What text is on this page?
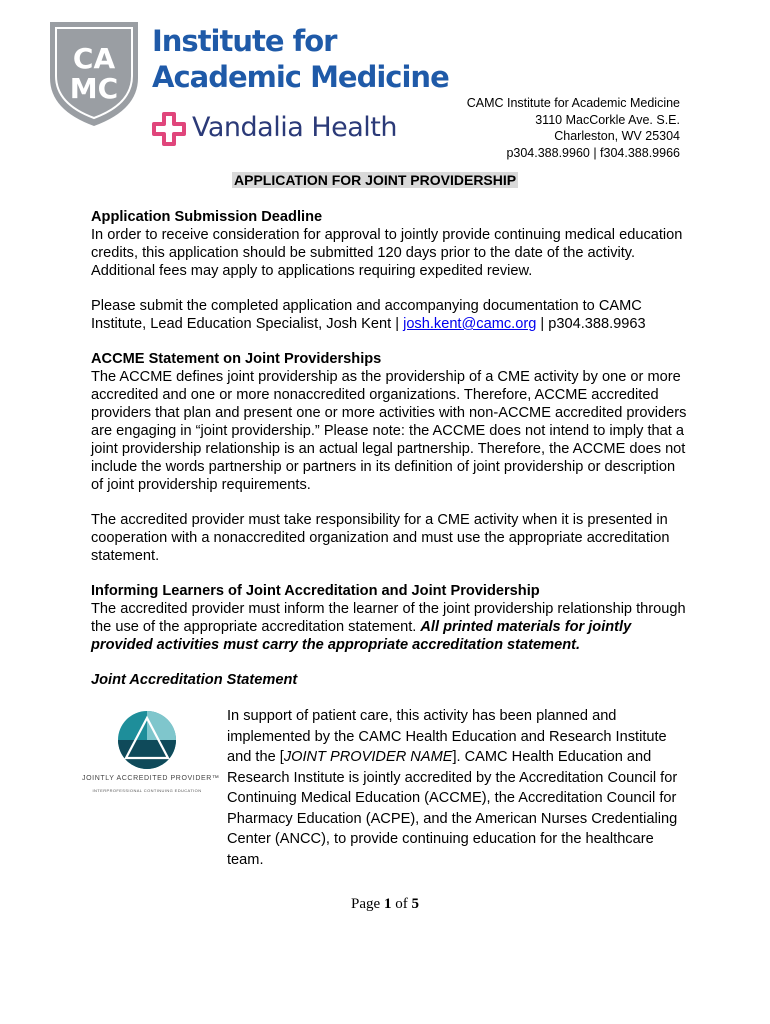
CA
MC
Institute for
Academic Medicine
Vandalia Health
CAMC Institute for Academic Medicine
3110 MacCorkle Ave. S.E.
Charleston, WV 25304
p304.388.9960 | f304.388.9966
APPLICATION FOR JOINT PROVIDERSHIP

Application Submission Deadline

In order to receive consideration for approval to jointly provide continuing medical education credits, this application should be submitted 120 days prior to the date of the activity. Additional fees may apply to applications requiring expedited review.

Please submit the completed application and accompanying documentation to CAMC Institute, Lead Education Specialist, Josh Kent | josh.kent@camc.org | p304.388.9963

ACCME Statement on Joint Providerships

The ACCME defines joint providership as the providership of a CME activity by one or more accredited and one or more nonaccredited organizations. Therefore, ACCME accredited providers that plan and present one or more activities with non-ACCME accredited providers are engaging in “joint providership.” Please note: the ACCME does not intend to imply that a joint providership relationship is an actual legal partnership. Therefore, the ACCME does not include the words partnership or partners in its definition of joint providership or description of joint providership requirements.

The accredited provider must take responsibility for a CME activity when it is presented in cooperation with a nonaccredited organization and must use the appropriate accreditation statement.

Informing Learners of Joint Accreditation and Joint Providership

The accredited provider must inform the learner of the joint providership relationship through the use of the appropriate accreditation statement. All printed materials for jointly provided activities must carry the appropriate accreditation statement.

Joint Accreditation Statement

JOINTLY ACCREDITED PROVIDER™
INTERPROFESSIONAL CONTINUING EDUCATION
In support of patient care, this activity has been planned and implemented by the CAMC Health Education and Research Institute and the [JOINT PROVIDER NAME]. CAMC Health Education and Research Institute is jointly accredited by the Accreditation Council for Continuing Medical Education (ACCME), the Accreditation Council for Pharmacy Education (ACPE), and the American Nurses Credentialing Center (ANCC), to provide continuing education for the healthcare team.
Page 1 of 5
